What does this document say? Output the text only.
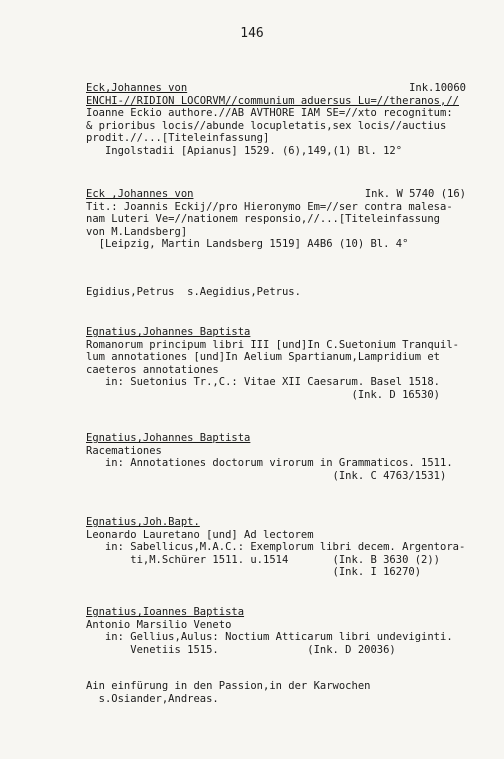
146
Eck,Johannes von	Ink.10060
ENCHI-//RIDION LOCORVM//communium aduersus Lu=//theranos,//
Ioanne Eckio authore.//AB AVTHORE IAM SE=//xto recognitum:
& prioribus locis//abunde locupletatis,sex locis//auctius
prodit.//...[Titeleinfassung]
Ingolstadii [Apianus] 1529. (6),149,(1) Bl. 12°
Eck ,Johannes von	Ink. W 5740 (16)
Tit.: Joannis Eckij//pro Hieronymo Em=//ser contra malesa-
nam Luteri Ve=//nationem responsio,//...[Titeleinfassung
von M.Landsberg]
[Leipzig, Martin Landsberg 1519] A4B6 (10) Bl. 4°
Egidius,Petrus  s.Aegidius,Petrus.
Egnatius,Johannes Baptista
Romanorum principum libri III [und]In C.Suetonium Tranquil-
lum annotationes [und]In Aelium Spartianum,Lampridium et
caeteros annotationes
in: Suetonius Tr.,C.: Vitae XII Caesarum. Basel 1518.
(Ink. D 16530)
Egnatius,Johannes Baptista
Racemationes
in: Annotationes doctorum virorum in Grammaticos. 1511.
(Ink. C 4763/1531)
Egnatius,Joh.Bapt.
Leonardo Lauretano [und] Ad lectorem
in: Sabellicus,M.A.C.: Exemplorum libri decem. Argentora-
ti,M.Schürer 1511. u.1514       (Ink. B 3630 (2))
(Ink. I 16270)
Egnatius,Ioannes Baptista
Antonio Marsilio Veneto
in: Gellius,Aulus: Noctium Atticarum libri undeviginti.
Venetiis 1515.              (Ink. D 20036)
Ain einfürung in den Passion,in der Karwochen
s.Osiander,Andreas.
